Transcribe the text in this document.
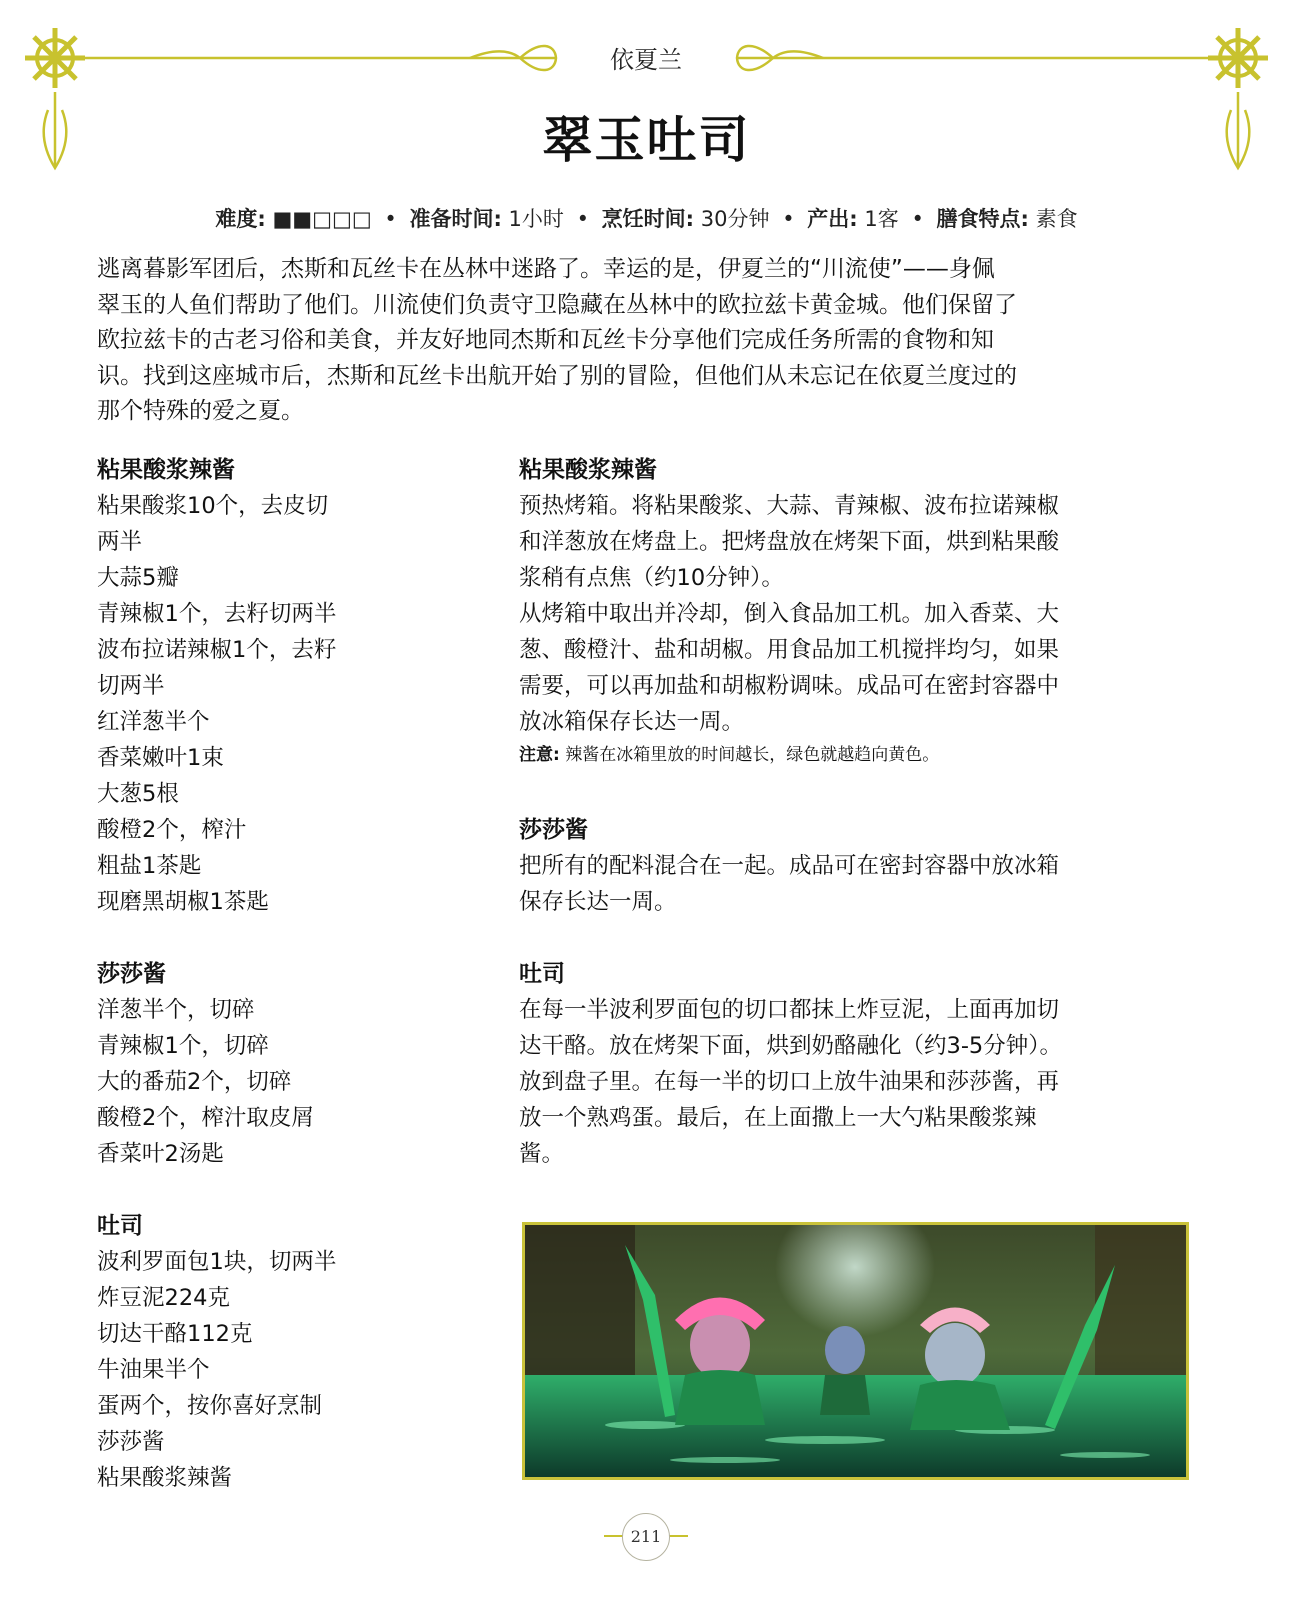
依夏兰
翠玉吐司
难度: ■■□□□ • 准备时间: 1小时 • 烹饪时间: 30分钟 • 产出: 1客 • 膳食特点: 素食
逃离暮影军团后，杰斯和瓦丝卡在丛林中迷路了。幸运的是，伊夏兰的“川流使”——身佩
翠玉的人鱼们帮助了他们。川流使们负责守卫隐藏在丛林中的欧拉兹卡黄金城。他们保留了
欧拉兹卡的古老习俗和美食，并友好地同杰斯和瓦丝卡分享他们完成任务所需的食物和知
识。找到这座城市后，杰斯和瓦丝卡出航开始了别的冒险，但他们从未忘记在依夏兰度过的
那个特殊的爱之夏。
粘果酸浆辣酱
粘果酸浆10个，去皮切
两半
大蒜5瓣
青辣椒1个，去籽切两半
波布拉诺辣椒1个，去籽
切两半
红洋葱半个
香菜嫩叶1束
大葱5根
酸橙2个，榨汁
粗盐1茶匙
现磨黑胡椒1茶匙
莎莎酱
洋葱半个，切碎
青辣椒1个，切碎
大的番茄2个，切碎
酸橙2个，榨汁取皮屑
香菜叶2汤匙
吐司
波利罗面包1块，切两半
炸豆泥224克
切达干酪112克
牛油果半个
蛋两个，按你喜好烹制
莎莎酱
粘果酸浆辣酱
粘果酸浆辣酱
预热烤箱。将粘果酸浆、大蒜、青辣椒、波布拉诺辣椒
和洋葱放在烤盘上。把烤盘放在烤架下面，烘到粘果酸
浆稍有点焦（约10分钟）。
从烤箱中取出并冷却，倒入食品加工机。加入香菜、大
葱、酸橙汁、盐和胡椒。用食品加工机搅拌均匀，如果
需要，可以再加盐和胡椒粉调味。成品可在密封容器中
放冰箱保存长达一周。
注意: 辣酱在冰箱里放的时间越长，绿色就越趋向黄色。
莎莎酱
把所有的配料混合在一起。成品可在密封容器中放冰箱
保存长达一周。
吐司
在每一半波利罗面包的切口都抹上炸豆泥，上面再加切
达干酪。放在烤架下面，烘到奶酪融化（约3-5分钟）。
放到盘子里。在每一半的切口上放牛油果和莎莎酱，再
放一个熟鸡蛋。最后，在上面撒上一大勺粘果酸浆辣
酱。
211
